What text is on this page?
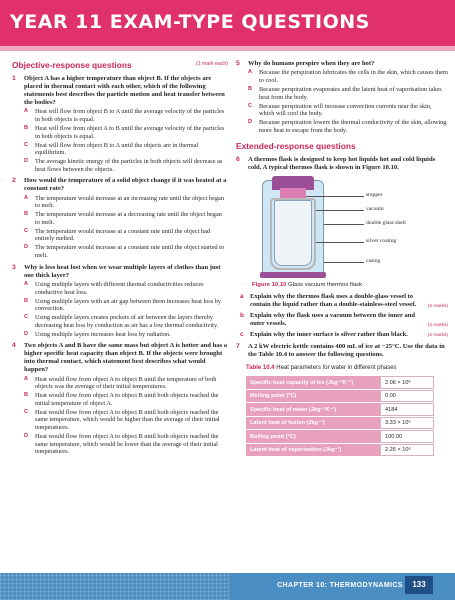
YEAR 11 EXAM-TYPE QUESTIONS
Objective-response questions	(1 mark each)
1 Object A has a higher temperature than object B. If the objects are placed in thermal contact with each other, which of the following statements best describes the particle motion and heat transfer between the bodies?
A Heat will flow from object B to A until the average velocity of the particles in both objects is equal.
B Heat will flow from object A to B until the average velocity of the particles in both objects is equal.
C Heat will flow from object B to A until the objects are in thermal equilibrium.
D The average kinetic energy of the particles in both objects will decrease as heat flows between the objects.
2 How would the temperature of a solid object change if it was heated at a constant rate?
A The temperature would increase at an increasing rate until the object began to melt.
B The temperature would increase at a decreasing rate until the object began to melt.
C The temperature would increase at a constant rate until the object had entirely melted.
D The temperature would increase at a constant rate until the object started to melt.
3 Why is less heat lost when we wear multiple layers of clothes than just one thick layer?
A Using multiple layers with different thermal conductivities reduces conductive heat loss.
B Using multiple layers with an air gap between them increases heat loss by convection.
C Using multiple layers creates pockets of air between the layers thereby decreasing heat loss by conduction as air has a low thermal conductivity.
D Using multiple layers increases heat loss by radiation.
4 Two objects A and B have the same mass but object A is hotter and has a higher specific heat capacity than object B. If the objects were brought into thermal contact, which statement best describes what would happen?
A Heat would flow from object A to object B until the temperature of both objects was the average of their initial temperatures.
B Heat would flow from object A to object B until both objects reached the initial temperature of object A.
C Heat would flow from object A to object B until both objects reached the same temperature, which would be higher than the average of their initial temperatures.
D Heat would flow from object A to object B until both objects reached the same temperature, which would be lower than the average of their initial temperatures.
5 Why do humans perspire when they are hot?
A Because the perspiration lubricates the cells in the skin, which causes them to cool.
B Because perspiration evaporates and the latent heat of vaporisation takes heat from the body.
C Because perspiration will increase convection currents near the skin, which will cool the body.
D Because perspiration lowers the thermal conductivity of the skin, allowing more heat to escape from the body.
Extended-response questions
6 A thermos flask is designed to keep hot liquids hot and cold liquids cold. A typical thermos flask is shown in Figure 10.10.
stopper
vacuum
double glass shell
silver coating
casing
Figure 10.10 Glass vacuum thermos flask
a Explain why the thermos flask uses a double-glass vessel to contain the liquid rather than a double-stainless-steel vessel.	(2 marks)
b Explain why the flask uses a vacuum between the inner and outer vessels.	(2 marks)
c Explain why the inner surface is silver rather than black.	(2 marks)
7 A 2 kW electric kettle contains 400 mL of ice at −25°C. Use the data in the Table 10.4 to answer the following questions.
Table 10.4 Heat parameters for water in different phases
Specific heat capacity of ice (Jkg⁻¹K⁻¹)	2.06 × 10³
Melting point (°C)	0.00
Specific heat of water (Jkg⁻¹K⁻¹)	4184
Latent heat of fusion (Jkg⁻¹)	3.33 × 10⁵
Boiling point (°C)	100.00
Latent heat of vaporisation (Jkg⁻¹)	2.26 × 10⁶
CHAPTER 10: THERMODYNAMICS	133
